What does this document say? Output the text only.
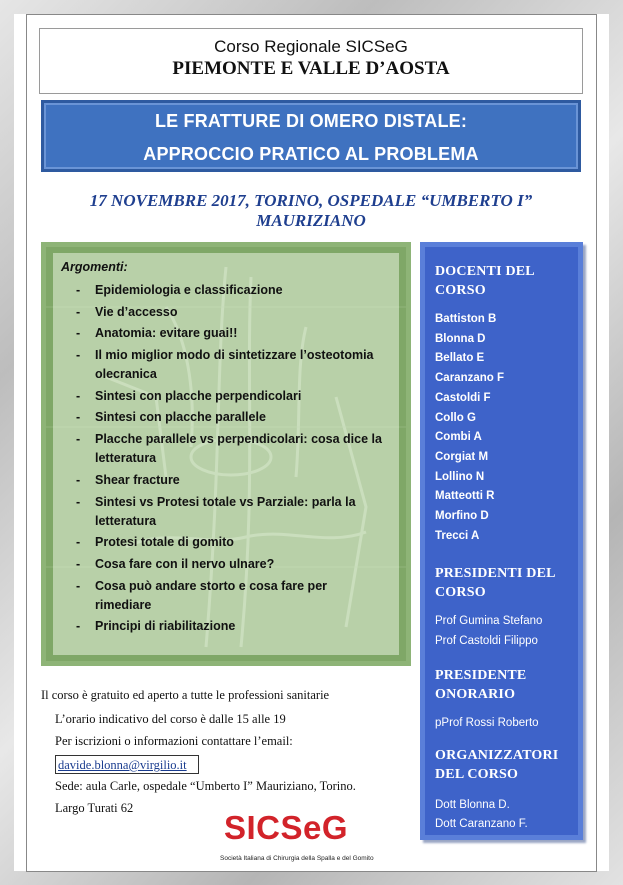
Corso Regionale SICSeG
PIEMONTE E VALLE D’AOSTA
LE FRATTURE DI OMERO DISTALE:
APPROCCIO PRATICO AL PROBLEMA
17 NOVEMBRE 2017, TORINO, OSPEDALE “UMBERTO I”
MAURIZIANO
Argomenti:
- Epidemiologia e classificazione
- Vie d’accesso
- Anatomia: evitare guai!!
- Il mio miglior modo di sintetizzare l’osteotomia olecranica
- Sintesi con placche perpendicolari
- Sintesi con placche parallele
- Placche parallele vs perpendicolari: cosa dice la letteratura
- Shear fracture
- Sintesi vs Protesi totale vs Parziale: parla la letteratura
- Protesi totale di gomito
- Cosa fare con il nervo ulnare?
- Cosa può andare storto e cosa fare per rimediare
- Principi di riabilitazione
DOCENTI DEL
CORSO
Battiston B
Blonna D
Bellato E
Caranzano F
Castoldi F
Collo G
Combi A
Corgiat M
Lollino N
Matteotti R
Morfino D
Trecci A
PRESIDENTI DEL
CORSO
Prof Gumina Stefano
Prof Castoldi Filippo
PRESIDENTE
ONORARIO
pProf Rossi Roberto
ORGANIZZATORI
DEL CORSO
Dott Blonna D.
Dott Caranzano F.
Il corso è gratuito ed aperto a tutte le professioni sanitarie
L’orario indicativo del corso è dalle 15 alle 19
Per iscrizioni o informazioni contattare l’email:
Sede: aula Carle, ospedale “Umberto I” Mauriziano, Torino.
Largo Turati 62
davide.blonna@virgilio.it
SICSeG
Società Italiana di Chirurgia della Spalla e del Gomito
